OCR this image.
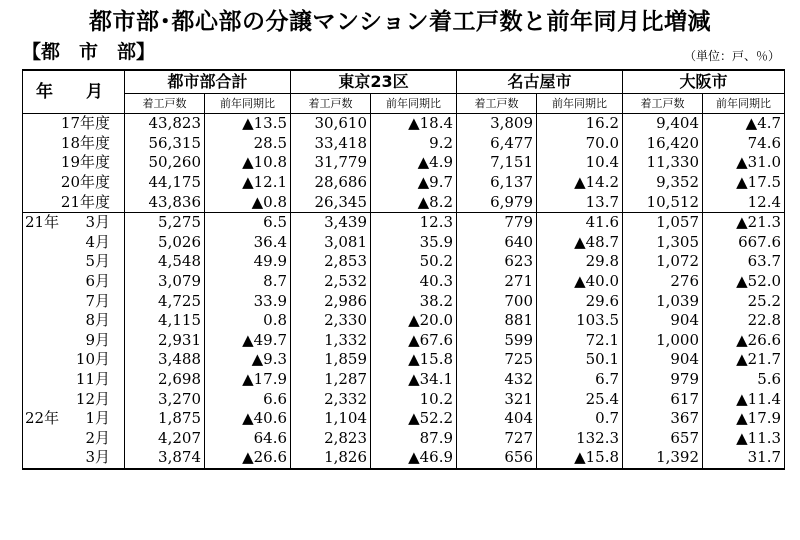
都市部･都心部の分譲マンション着工戸数と前年同月比増減
【都　市　部】	（単位：戸、％）
年　月	都市部合計		東京23区		名古屋市		大阪市	
	着工戸数	前年同期比	着工戸数	前年同期比	着工戸数	前年同期比	着工戸数	前年同期比
17年度	43,823	▲13.5	30,610	▲18.4	3,809	16.2	9,404	▲4.7
18年度	56,315	28.5	33,418	9.2	6,477	70.0	16,420	74.6
19年度	50,260	▲10.8	31,779	▲4.9	7,151	10.4	11,330	▲31.0
20年度	44,175	▲12.1	28,686	▲9.7	6,137	▲14.2	9,352	▲17.5
21年度	43,836	▲0.8	26,345	▲8.2	6,979	13.7	10,512	12.4

21年 3月	5,275	6.5	3,439	12.3	779	41.6	1,057	▲21.3
4月	5,026	36.4	3,081	35.9	640	▲48.7	1,305	667.6
5月	4,548	49.9	2,853	50.2	623	29.8	1,072	63.7
6月	3,079	8.7	2,532	40.3	271	▲40.0	276	▲52.0
7月	4,725	33.9	2,986	38.2	700	29.6	1,039	25.2
8月	4,115	0.8	2,330	▲20.0	881	103.5	904	22.8
9月	2,931	▲49.7	1,332	▲67.6	599	72.1	1,000	▲26.6
10月	3,488	▲9.3	1,859	▲15.8	725	50.1	904	▲21.7
11月	2,698	▲17.9	1,287	▲34.1	432	6.7	979	5.6
12月	3,270	6.6	2,332	10.2	321	25.4	617	▲11.4

22年 1月	1,875	▲40.6	1,104	▲52.2	404	0.7	367	▲17.9
2月	4,207	64.6	2,823	87.9	727	132.3	657	▲11.3
3月	3,874	▲26.6	1,826	▲46.9	656	▲15.8	1,392	31.7
